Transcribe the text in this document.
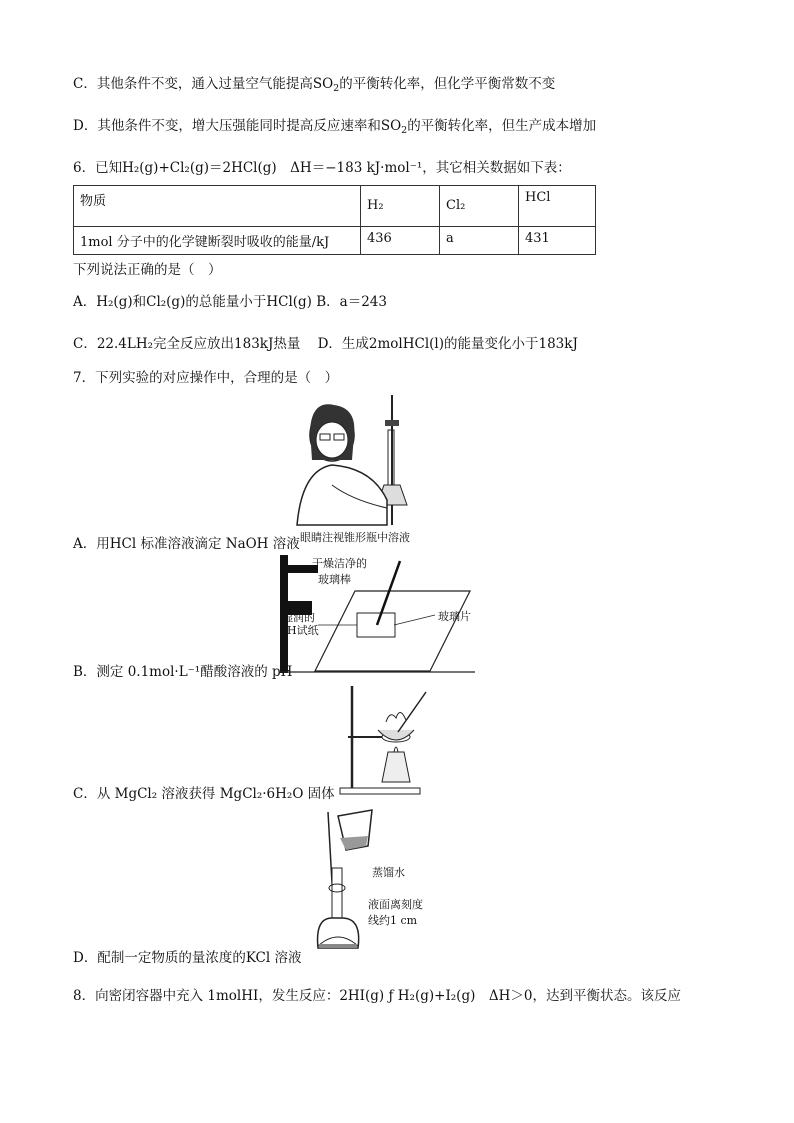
C．其他条件不变，通入过量空气能提高$SO_2$的平衡转化率，但化学平衡常数不变
D．其他条件不变，增大压强能同时提高反应速率和$SO_2$的平衡转化率，但生产成本增加
6．已知H₂(g)+Cl₂(g)＝2HCl(g)　ΔH＝−183 kJ·mol⁻¹，其它相关数据如下表：
物质	H₂	Cl₂	HCl
1mol 分子中的化学键断裂时吸收的能量/kJ	436	a	431
下列说法正确的是（　）
A．H₂(g)和Cl₂(g)的总能量小于HCl(g) B．a＝243
C．22.4LH₂完全反应放出183kJ热量 D．生成2molHCl(l)的能量变化小于183kJ
7．下列实验的对应操作中，合理的是（　）
眼睛注视锥形瓶中溶液
A．用HCl 标准溶液滴定 NaOH 溶液
干燥洁净的
玻璃棒
湿润的
pH试纸
玻璃片
B．测定 0.1mol·L⁻¹醋酸溶液的 pH
C．从 MgCl₂ 溶液获得 MgCl₂·6H₂O 固体
蒸馏水
液面离刻度
线约1 cm
D．配制一定物质的量浓度的KCl 溶液
8．向密闭容器中充入 1molHI，发生反应：2HI(g) ƒ H₂(g)+I₂(g)　ΔH＞0，达到平衡状态。该反应
